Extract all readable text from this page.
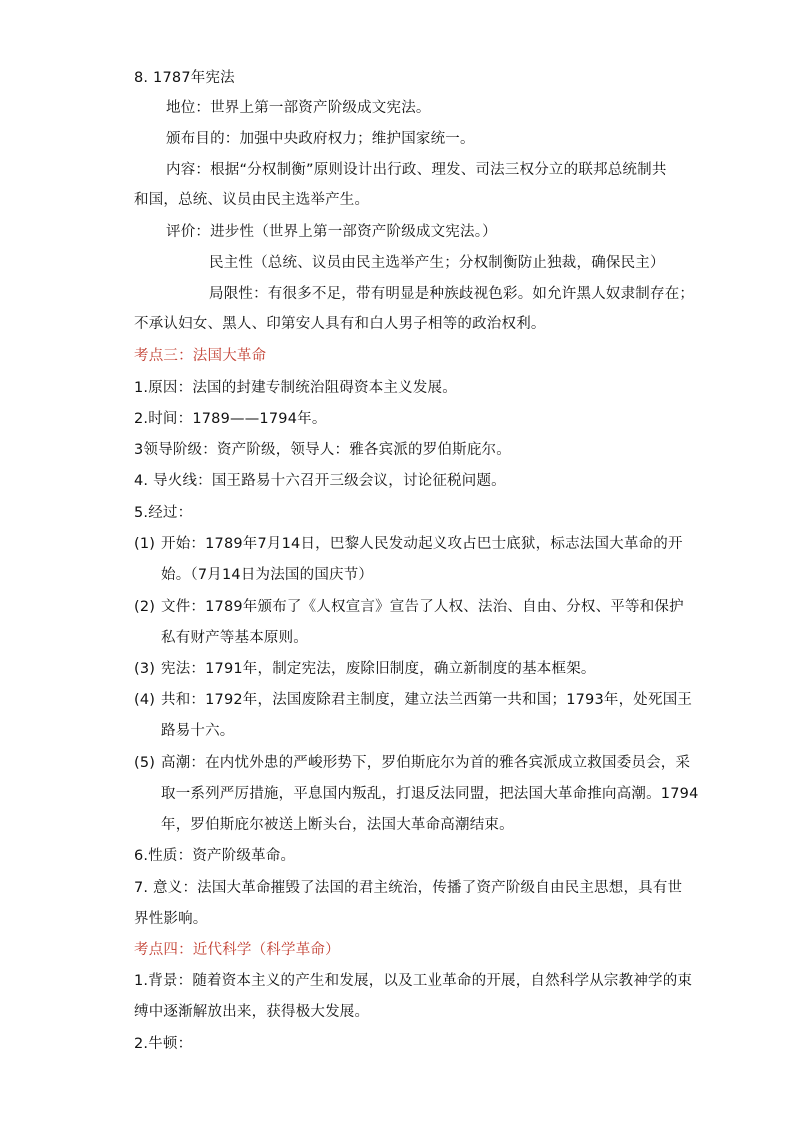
8. 1787年宪法
地位：世界上第一部资产阶级成文宪法。
颁布目的：加强中央政府权力；维护国家统一。
内容：根据“分权制衡”原则设计出行政、理发、司法三权分立的联邦总统制共
和国，总统、议员由民主选举产生。
评价：进步性（世界上第一部资产阶级成文宪法。）
民主性（总统、议员由民主选举产生；分权制衡防止独裁，确保民主）
局限性：有很多不足，带有明显是种族歧视色彩。如允许黑人奴隶制存在；
不承认妇女、黑人、印第安人具有和白人男子相等的政治权利。
考点三：法国大革命
1.原因：法国的封建专制统治阻碍资本主义发展。
2.时间：1789——1794年。
3领导阶级：资产阶级，领导人：雅各宾派的罗伯斯庇尔。
4. 导火线：国王路易十六召开三级会议，讨论征税问题。
5.经过：
(1) 开始：1789年7月14日，巴黎人民发动起义攻占巴士底狱，标志法国大革命的开
始。（7月14日为法国的国庆节）
(2) 文件：1789年颁布了《人权宣言》宣告了人权、法治、自由、分权、平等和保护
私有财产等基本原则。
(3) 宪法：1791年，制定宪法，废除旧制度，确立新制度的基本框架。
(4) 共和：1792年，法国废除君主制度，建立法兰西第一共和国；1793年，处死国王
路易十六。
(5) 高潮：在内忧外患的严峻形势下，罗伯斯庇尔为首的雅各宾派成立救国委员会，采
取一系列严厉措施，平息国内叛乱，打退反法同盟，把法国大革命推向高潮。1794
年，罗伯斯庇尔被送上断头台，法国大革命高潮结束。
6.性质：资产阶级革命。
7. 意义：法国大革命摧毁了法国的君主统治，传播了资产阶级自由民主思想，具有世
界性影响。
考点四：近代科学（科学革命）
1.背景：随着资本主义的产生和发展，以及工业革命的开展，自然科学从宗教神学的束
缚中逐渐解放出来，获得极大发展。
2.牛顿：
